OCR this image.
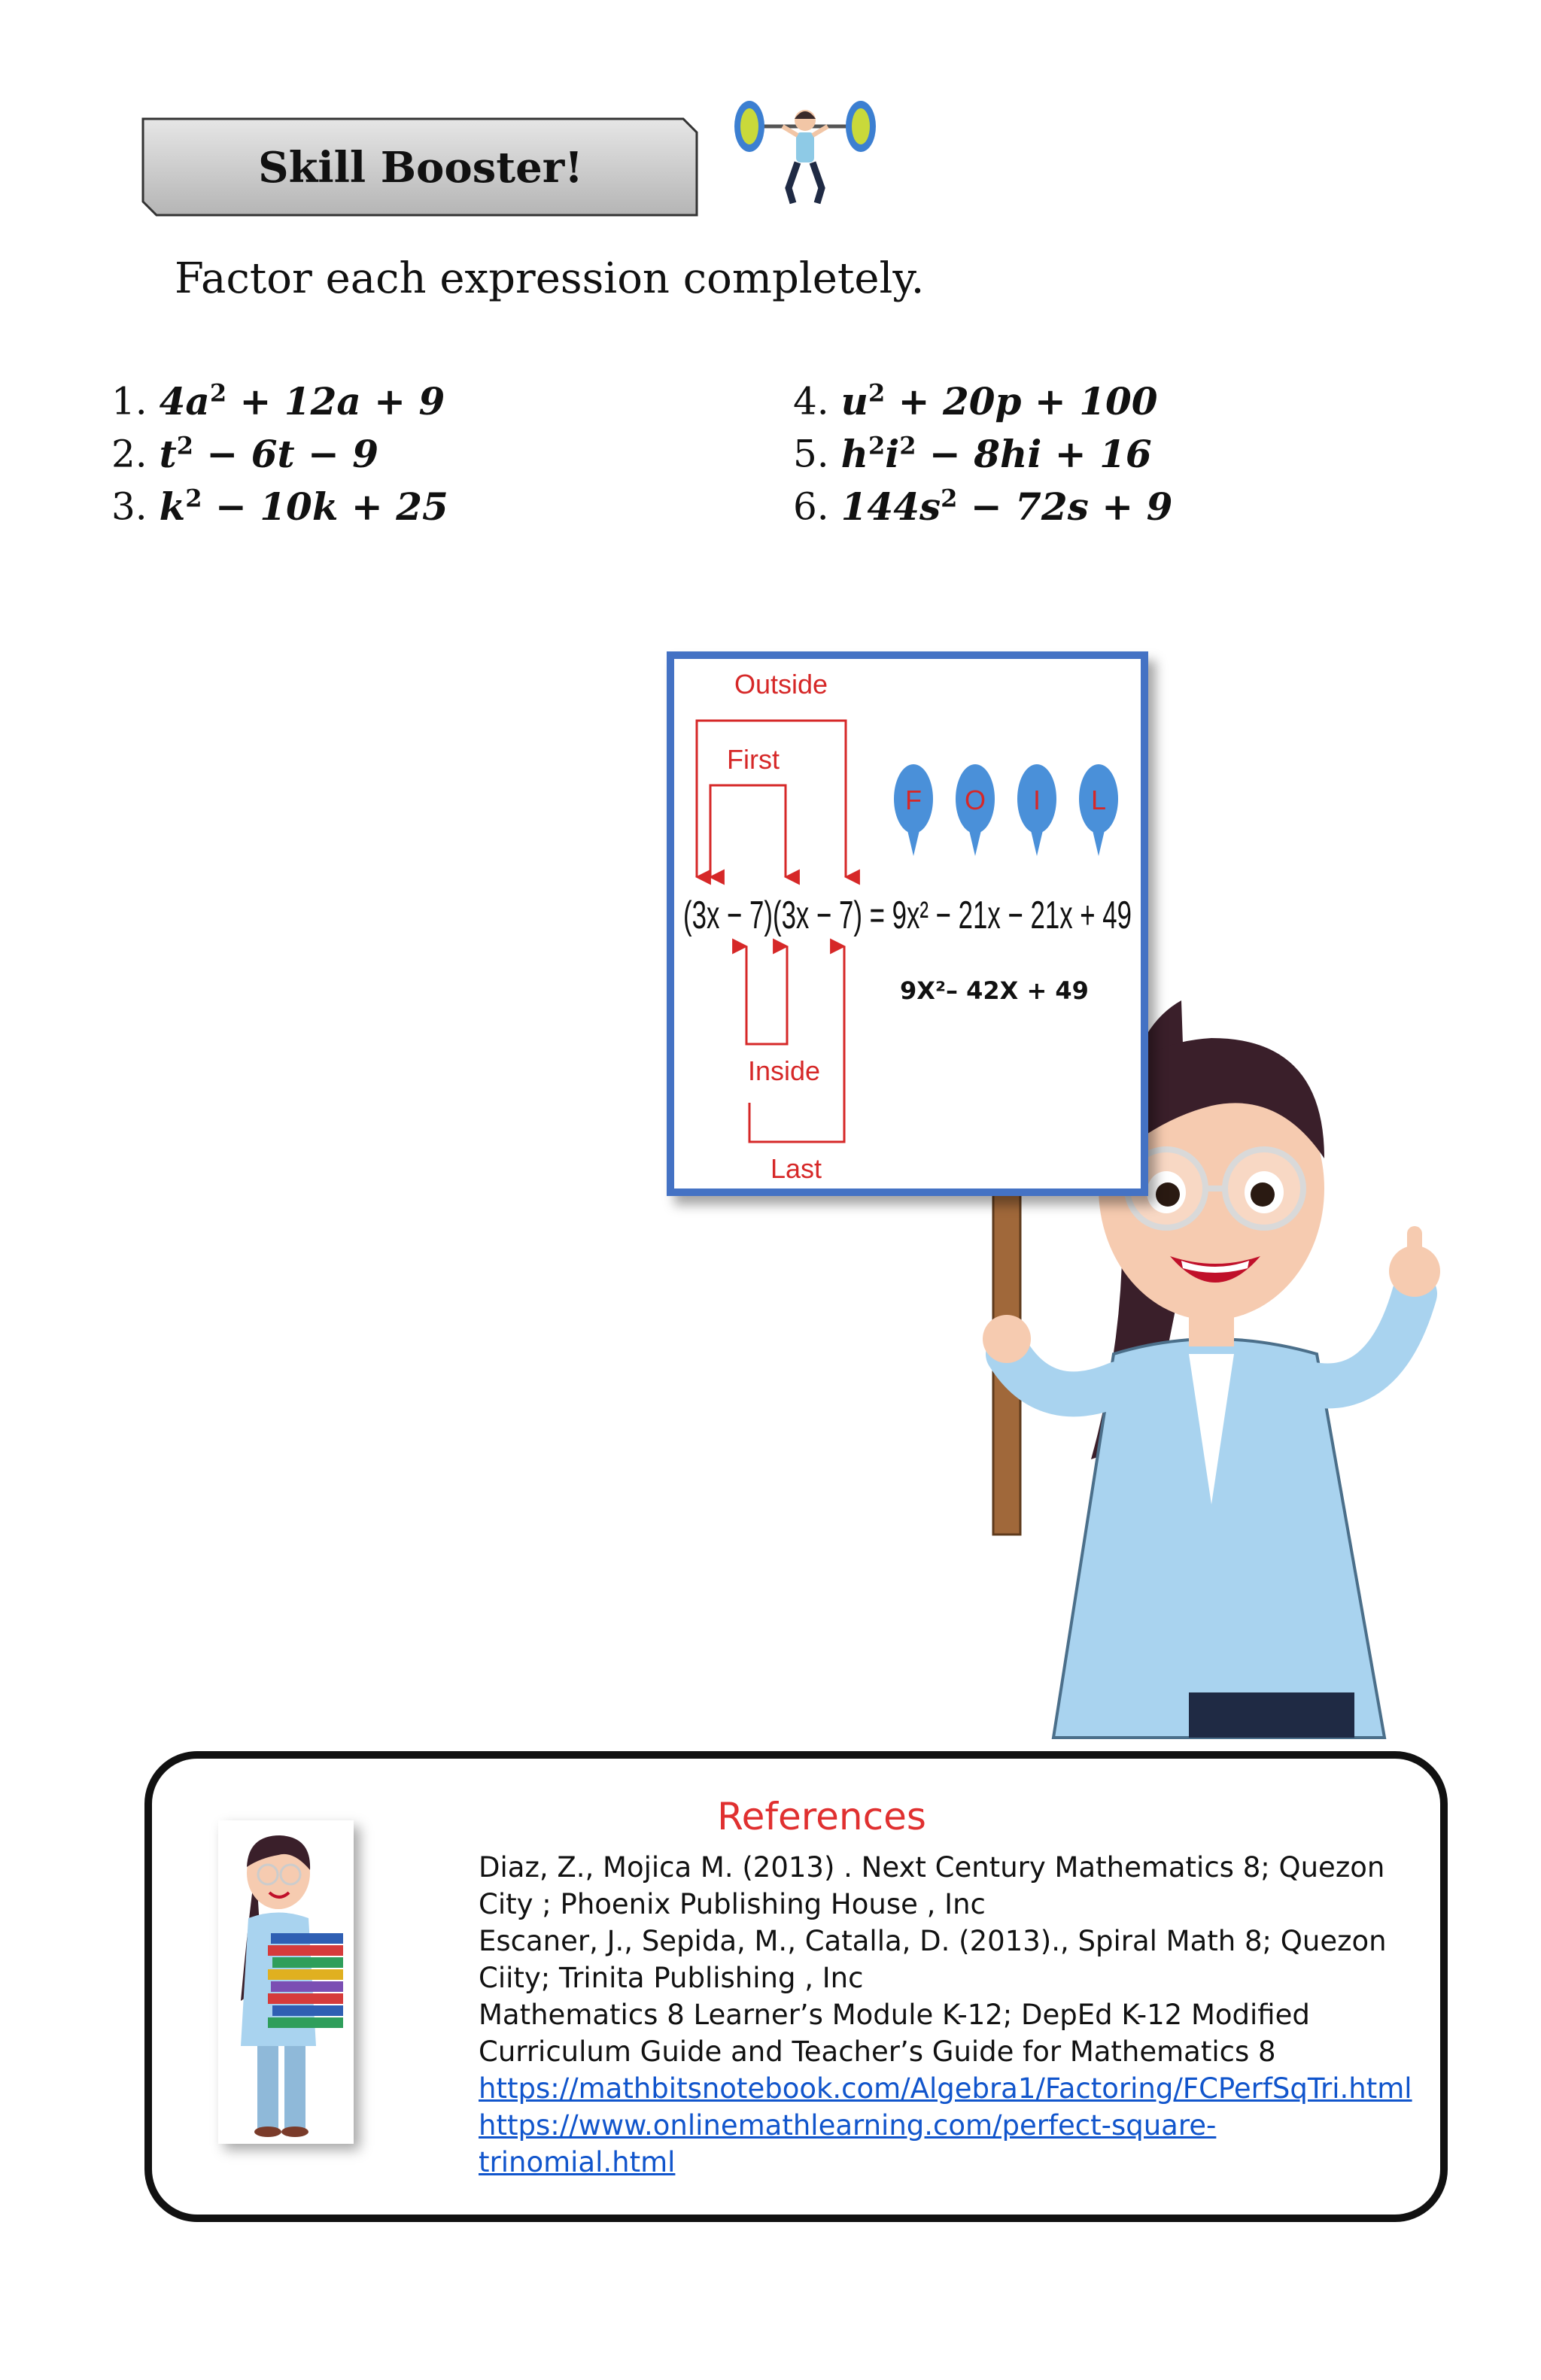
Skill Booster!
Factor each expression completely.
1. $4a^2 + 12a + 9$
2. $t^2 - 6t - 9$
3. $k^2 - 10k + 25$
4. $u^2 + 20p + 100$
5. $h^2i^2 - 8hi + 16$
6. $144s^2 - 72s + 9$
Outside
First
Inside
Last
F O I L
(3x − 7)(3x − 7) = 9x² − 21x − 21x + 49
9X²– 42X + 49
References
Diaz, Z., Mojica M. (2013) . Next Century Mathematics 8; Quezon
City ; Phoenix Publishing House , Inc
Escaner, J., Sepida, M., Catalla, D. (2013)., Spiral Math 8; Quezon
Ciity; Trinita Publishing , Inc
Mathematics 8 Learner’s Module K-12; DepEd K-12 Modified
Curriculum Guide and Teacher’s Guide for Mathematics 8
https://mathbitsnotebook.com/Algebra1/Factoring/FCPerfSqTri.html
https://www.onlinemathlearning.com/perfect-square-
trinomial.html
